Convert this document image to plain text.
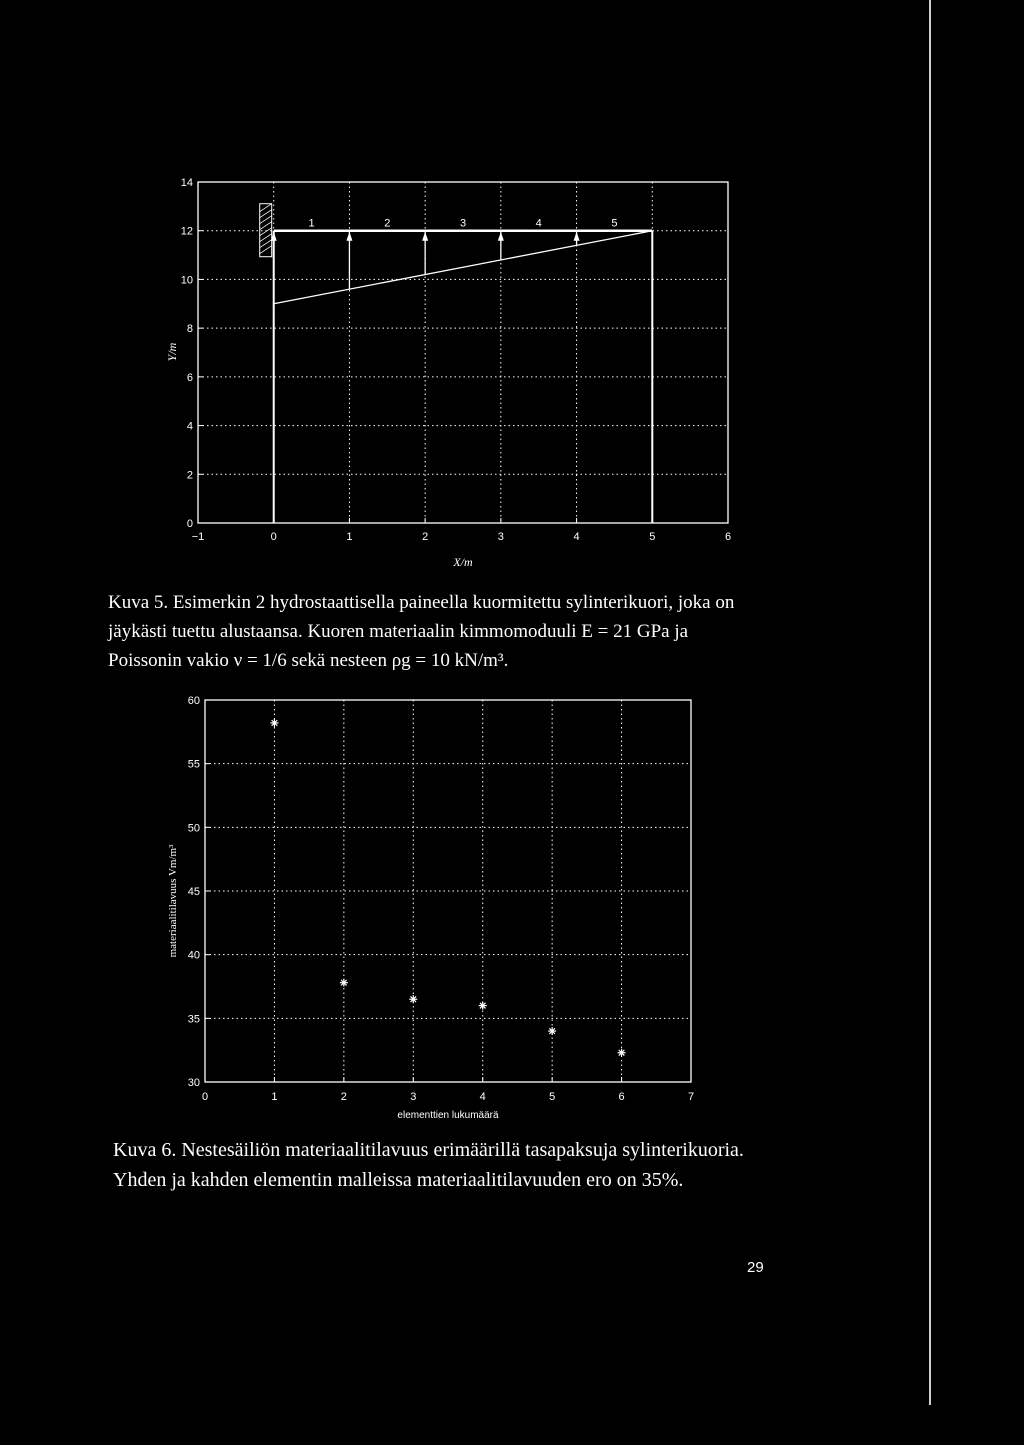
0
2
4
6
8
10
12
14
−1	0	1	2	3	4	5	6
X/m
Y/m
1	2	3	4	5
30
35
40
45
50
55
60
0	1	2	3	4	5	6	7
elementtien lukumäärä
materiaalitilavuus Vm/m³
Kuva 5. Esimerkin 2 hydrostaattisella paineella kuormitettu sylinterikuori, joka on
jäykästi tuettu alustaansa. Kuoren materiaalin kimmomoduuli E = 21 GPa ja
Poissonin vakio ν = 1/6 sekä nesteen ρg = 10 kN/m³.
Kuva 6. Nestesäiliön materiaalitilavuus erimäärillä tasapaksuja sylinterikuoria.
Yhden ja kahden elementin malleissa materiaalitilavuuden ero on 35%.
29
